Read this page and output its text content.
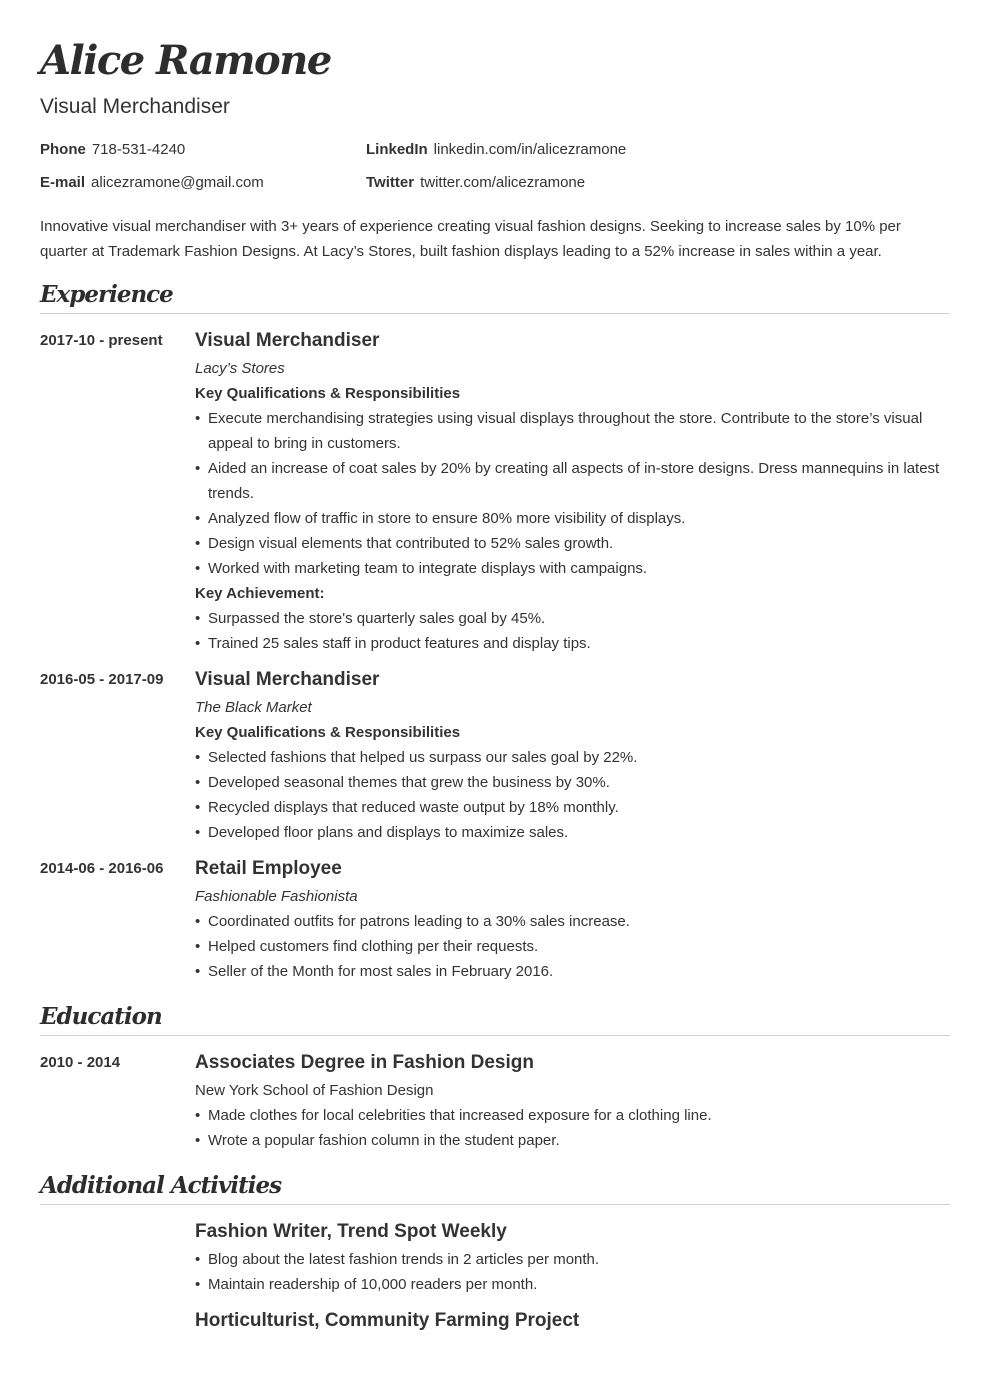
Alice Ramone
Visual Merchandiser
Phone 718-531-4240	LinkedIn linkedin.com/in/alicezramone
E-mail alicezramone@gmail.com	Twitter twitter.com/alicezramone
Innovative visual merchandiser with 3+ years of experience creating visual fashion designs. Seeking to increase sales by 10% per quarter at Trademark Fashion Designs. At Lacy’s Stores, built fashion displays leading to a 52% increase in sales within a year.
Experience
2017-10 - present	Visual Merchandiser
Lacy’s Stores
Key Qualifications & Responsibilities
• Execute merchandising strategies using visual displays throughout the store. Contribute to the store’s visual appeal to bring in customers.
• Aided an increase of coat sales by 20% by creating all aspects of in-store designs. Dress mannequins in latest trends.
• Analyzed flow of traffic in store to ensure 80% more visibility of displays.
• Design visual elements that contributed to 52% sales growth.
• Worked with marketing team to integrate displays with campaigns.
Key Achievement:
• Surpassed the store's quarterly sales goal by 45%.
• Trained 25 sales staff in product features and display tips.
2016-05 - 2017-09	Visual Merchandiser
The Black Market
Key Qualifications & Responsibilities
• Selected fashions that helped us surpass our sales goal by 22%.
• Developed seasonal themes that grew the business by 30%.
• Recycled displays that reduced waste output by 18% monthly.
• Developed floor plans and displays to maximize sales.
2014-06 - 2016-06	Retail Employee
Fashionable Fashionista
• Coordinated outfits for patrons leading to a 30% sales increase.
• Helped customers find clothing per their requests.
• Seller of the Month for most sales in February 2016.
Education
2010 - 2014	Associates Degree in Fashion Design
New York School of Fashion Design
• Made clothes for local celebrities that increased exposure for a clothing line.
• Wrote a popular fashion column in the student paper.
Additional Activities
Fashion Writer, Trend Spot Weekly
• Blog about the latest fashion trends in 2 articles per month.
• Maintain readership of 10,000 readers per month.
Horticulturist, Community Farming Project
